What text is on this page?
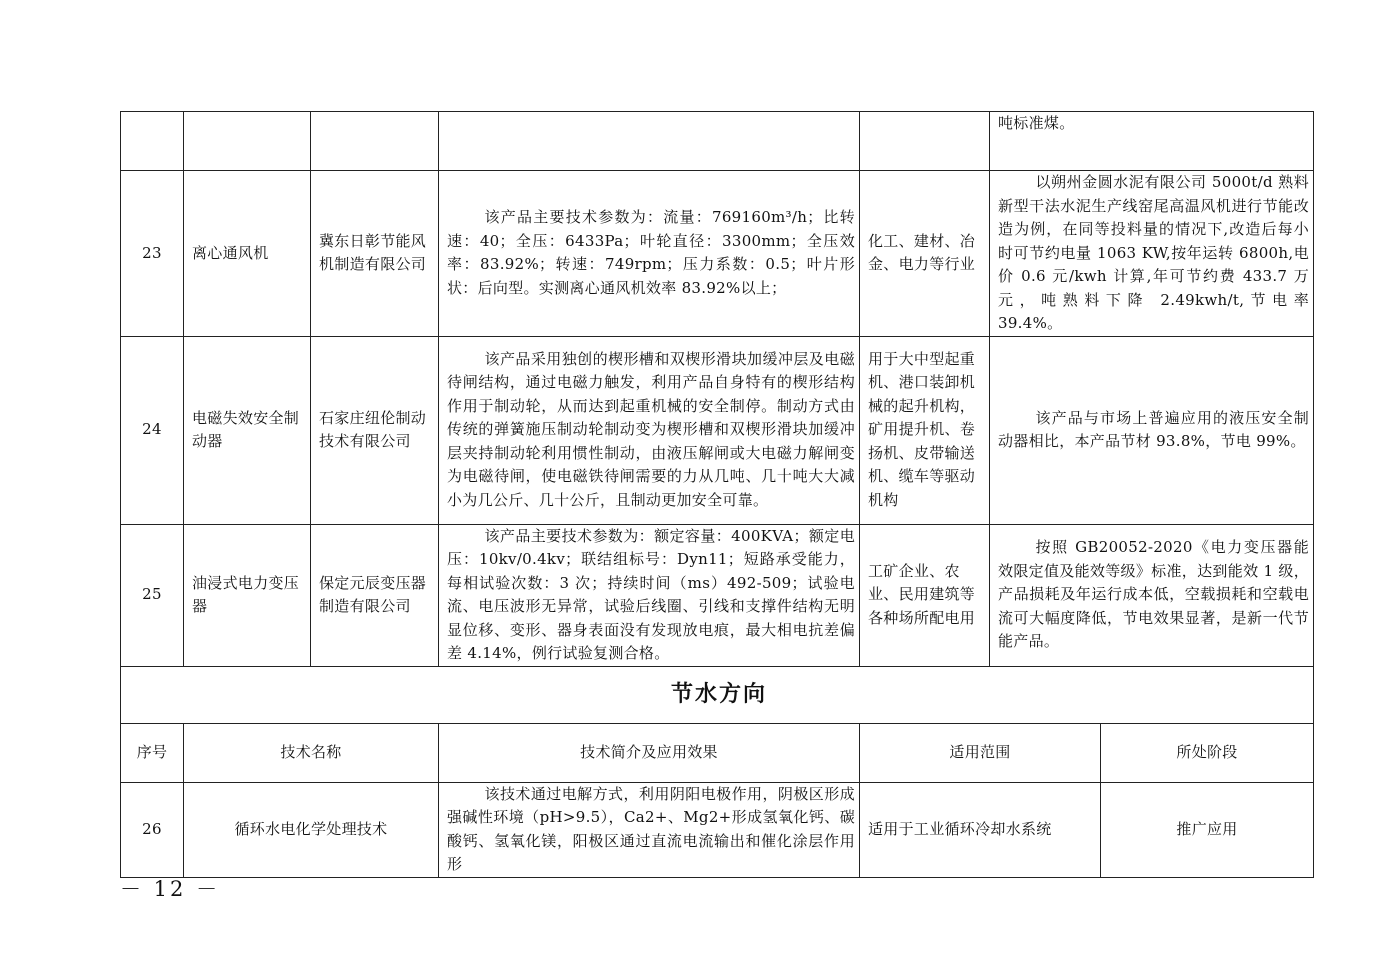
					吨标准煤。	
23	离心通风机	冀东日彰节能风机制造有限公司	该产品主要技术参数为：流量：769160m³/h；比转速：40；全压：6433Pa；叶轮直径：3300mm；全压效率：83.92%；转速：749rpm；压力系数：0.5；叶片形状：后向型。实测离心通风机效率 83.92%以上；	化工、建材、冶金、电力等行业	以朔州金圆水泥有限公司 5000t/d 熟料新型干法水泥生产线窑尾高温风机进行节能改造为例，在同等投料量的情况下,改造后每小时可节约电量 1063 KW,按年运转 6800h,电价 0.6 元/kwh 计算,年可节约费 433.7 万元，吨熟料下降 2.49kwh/t,节电率 39.4%。	
24	电磁失效安全制动器	石家庄纽伦制动技术有限公司	该产品采用独创的楔形槽和双楔形滑块加缓冲层及电磁待闸结构，通过电磁力触发，利用产品自身特有的楔形结构作用于制动轮，从而达到起重机械的安全制停。制动方式由传统的弹簧施压制动轮制动变为楔形槽和双楔形滑块加缓冲层夹持制动轮利用惯性制动，由液压解闸或大电磁力解闸变为电磁待闸，使电磁铁待闸需要的力从几吨、几十吨大大减小为几公斤、几十公斤，且制动更加安全可靠。	用于大中型起重机、港口装卸机械的起升机构，矿用提升机、卷扬机、皮带输送机、缆车等驱动机构	该产品与市场上普遍应用的液压安全制动器相比，本产品节材 93.8%，节电 99%。	
25	油浸式电力变压器	保定元辰变压器制造有限公司	该产品主要技术参数为：额定容量：400KVA；额定电压：10kv/0.4kv；联结组标号：Dyn11；短路承受能力，每相试验次数：3 次；持续时间（ms）492-509；试验电流、电压波形无异常，试验后线圈、引线和支撑件结构无明显位移、变形、器身表面没有发现放电痕，最大相电抗差偏差 4.14%，例行试验复测合格。	工矿企业、农业、民用建筑等各种场所配电用	按照 GB20052-2020《电力变压器能效限定值及能效等级》标准，达到能效 1 级，产品损耗及年运行成本低，空载损耗和空载电流可大幅度降低，节电效果显著，是新一代节能产品。	
节水方向						
序号	技术名称		技术简介及应用效果	适用范围		所处阶段
26	循环水电化学处理技术		该技术通过电解方式，利用阴阳电极作用，阴极区形成强碱性环境（pH>9.5），Ca2+、Mg2+形成氢氧化钙、碳酸钙、氢氧化镁，阳极区通过直流电流输出和催化涂层作用形	适用于工业循环冷却水系统		推广应用
－ 12 －
